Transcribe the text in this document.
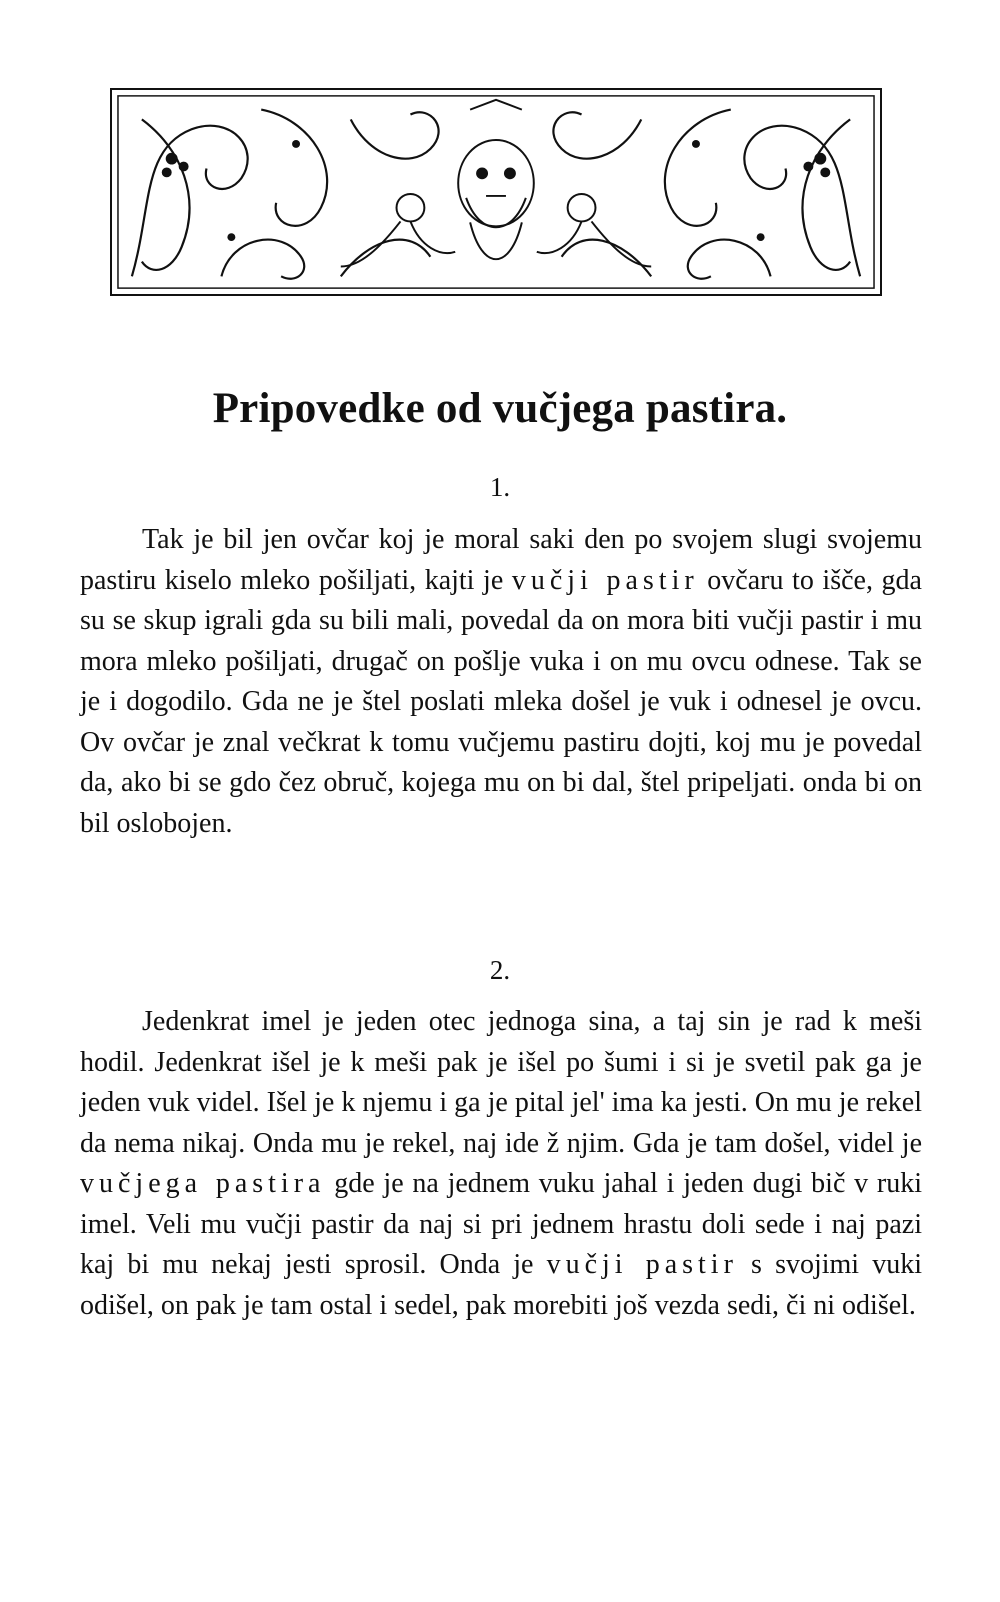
Pripovedke od vučjega pastira.
1.

Tak je bil jen ovčar koj je moral saki den po svojem slugi svojemu pastiru kiselo mleko pošiljati, kajti je vučji pastir ovčaru to išče, gda su se skup igrali gda su bili mali, povedal da on mora biti vučji pastir i mu mora mleko pošiljati, drugač on pošlje vuka i on mu ovcu odnese. Tak se je i dogodilo. Gda ne je štel poslati mleka došel je vuk i odnesel je ovcu. Ov ovčar je znal večkrat k tomu vučjemu pastiru dojti, koj mu je povedal da, ako bi se gdo čez obruč, kojega mu on bi dal, štel pripeljati. onda bi on bil oslobojen.

2.

Jedenkrat imel je jeden otec jednoga sina, a taj sin je rad k meši hodil. Jedenkrat išel je k meši pak je išel po šumi i si je svetil pak ga je jeden vuk videl. Išel je k njemu i ga je pital jel' ima ka jesti. On mu je rekel da nema nikaj. Onda mu je rekel, naj ide ž njim. Gda je tam došel, videl je vučjega pastira gde je na jednem vuku jahal i jeden dugi bič v ruki imel. Veli mu vučji pastir da naj si pri jednem hrastu doli sede i naj pazi kaj bi mu nekaj jesti sprosil. Onda je vučji pastir s svojimi vuki odišel, on pak je tam ostal i sedel, pak morebiti još vezda sedi, či ni odišel.
